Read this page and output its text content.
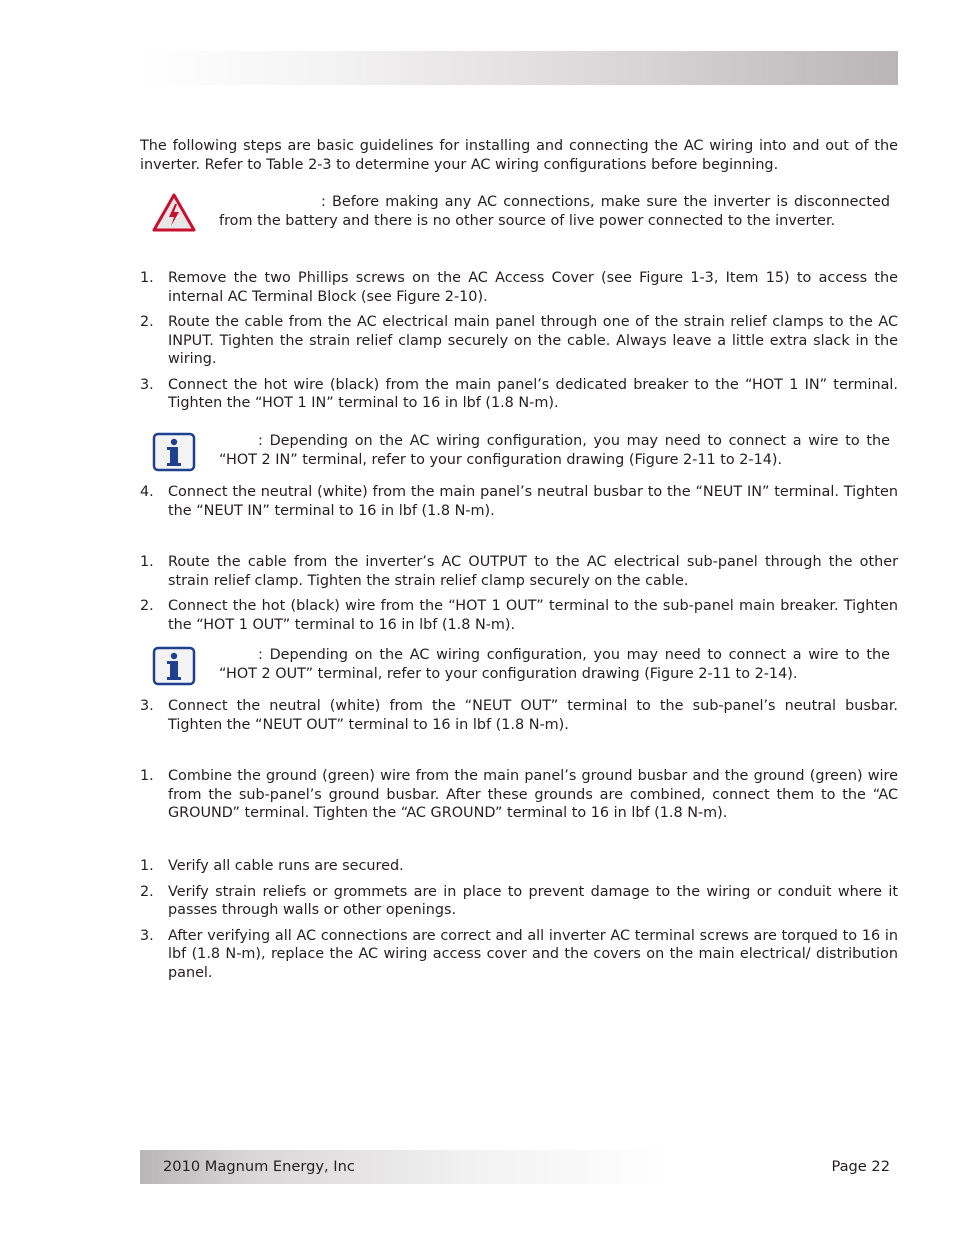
The following steps are basic guidelines for installing and connecting the AC wiring into and out of the inverter. Refer to Table 2-3 to determine your AC wiring configurations before beginning.
: Before making any AC connections, make sure the inverter is disconnected from the battery and there is no other source of live power connected to the inverter.
1. Remove the two Phillips screws on the AC Access Cover (see Figure 1-3, Item 15) to access the internal AC Terminal Block (see Figure 2-10).
2. Route the cable from the AC electrical main panel through one of the strain relief clamps to the AC INPUT. Tighten the strain relief clamp securely on the cable. Always leave a little extra slack in the wiring.
3. Connect the hot wire (black) from the main panel’s dedicated breaker to the “HOT 1 IN” terminal. Tighten the “HOT 1 IN” terminal to 16 in lbf (1.8 N-m).
: Depending on the AC wiring configuration, you may need to connect a wire to the “HOT 2 IN” terminal, refer to your configuration drawing (Figure 2-11 to 2-14).
4. Connect the neutral (white) from the main panel’s neutral busbar to the “NEUT IN” terminal. Tighten the “NEUT IN” terminal to 16 in lbf (1.8 N-m).
1. Route the cable from the inverter’s AC OUTPUT to the AC electrical sub-panel through the other strain relief clamp. Tighten the strain relief clamp securely on the cable.
2. Connect the hot (black) wire from the “HOT 1 OUT” terminal to the sub-panel main breaker. Tighten the “HOT 1 OUT” terminal to 16 in lbf (1.8 N-m).
: Depending on the AC wiring configuration, you may need to connect a wire to the “HOT 2 OUT” terminal, refer to your configuration drawing (Figure 2-11 to 2-14).
3. Connect the neutral (white) from the “NEUT OUT” terminal to the sub-panel’s neutral busbar. Tighten the “NEUT OUT” terminal to 16 in lbf (1.8 N-m).
1. Combine the ground (green) wire from the main panel’s ground busbar and the ground (green) wire from the sub-panel’s ground busbar. After these grounds are combined, connect them to the “AC GROUND” terminal. Tighten the “AC GROUND” terminal to 16 in lbf (1.8 N-m).
1. Verify all cable runs are secured.
2. Verify strain reliefs or grommets are in place to prevent damage to the wiring or conduit where it passes through walls or other openings.
3. After verifying all AC connections are correct and all inverter AC terminal screws are torqued to 16 in lbf (1.8 N-m), replace the AC wiring access cover and the covers on the main electrical/ distribution panel.
2010 Magnum Energy, Inc	Page 22
